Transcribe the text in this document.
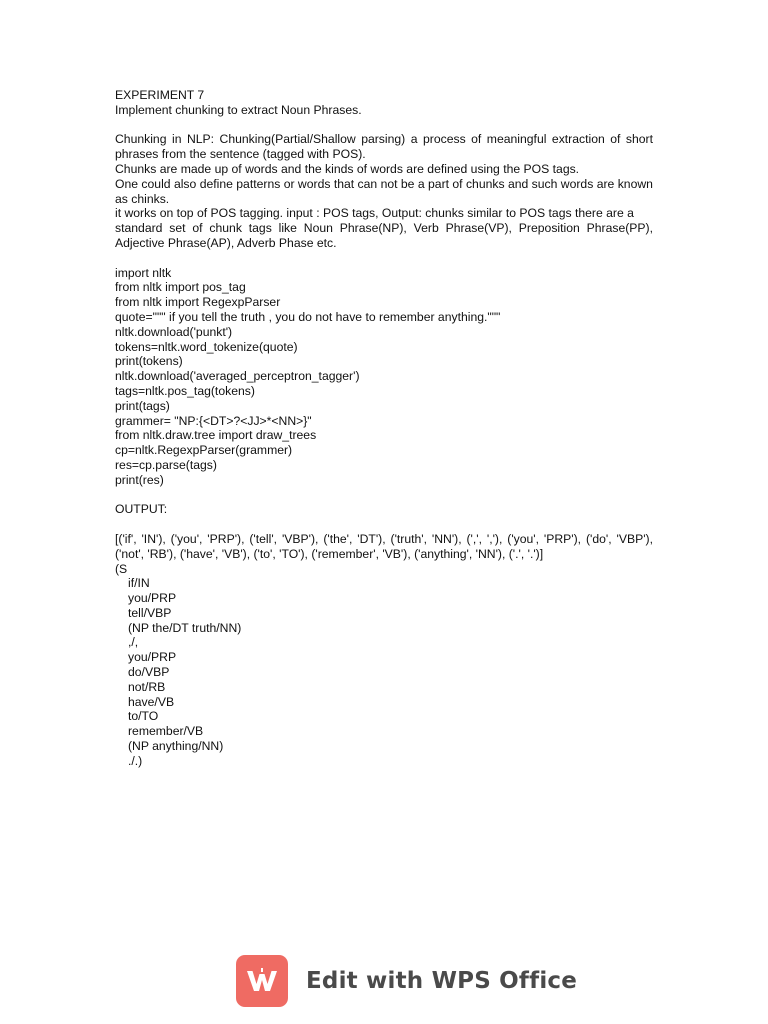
EXPERIMENT 7
Implement chunking to extract Noun Phrases.
Chunking in NLP: Chunking(Partial/Shallow parsing) a process of meaningful extraction of short
phrases from the sentence (tagged with POS).
Chunks are made up of words and the kinds of words are defined using the POS tags.
One could also define patterns or words that can not be a part of chunks and such words are known
as chinks.
it works on top of POS tagging. input : POS tags, Output: chunks similar to POS tags there are a
standard set of chunk tags like Noun Phrase(NP), Verb Phrase(VP), Preposition Phrase(PP), Adjective Phrase(AP), Adverb Phase etc.
import nltk
from nltk import pos_tag
from nltk import RegexpParser
quote=""" if you tell the truth , you do not have to remember anything."""
nltk.download('punkt')
tokens=nltk.word_tokenize(quote)
print(tokens)
nltk.download('averaged_perceptron_tagger')
tags=nltk.pos_tag(tokens)
print(tags)
grammer= "NP:{<DT>?<JJ>*<NN>}"
from nltk.draw.tree import draw_trees
cp=nltk.RegexpParser(grammer)
res=cp.parse(tags)
print(res)
OUTPUT:
[('if', 'IN'), ('you', 'PRP'), ('tell', 'VBP'), ('the', 'DT'), ('truth', 'NN'), (',', ','), ('you', 'PRP'), ('do', 'VBP'), ('not', 'RB'), ('have', 'VB'), ('to', 'TO'), ('remember', 'VB'), ('anything', 'NN'), ('.', '.')]
(S
if/IN
you/PRP
tell/VBP
(NP the/DT truth/NN)
,/,
you/PRP
do/VBP
not/RB
have/VB
to/TO
remember/VB
(NP anything/NN)
./.)
Edit with WPS Office
